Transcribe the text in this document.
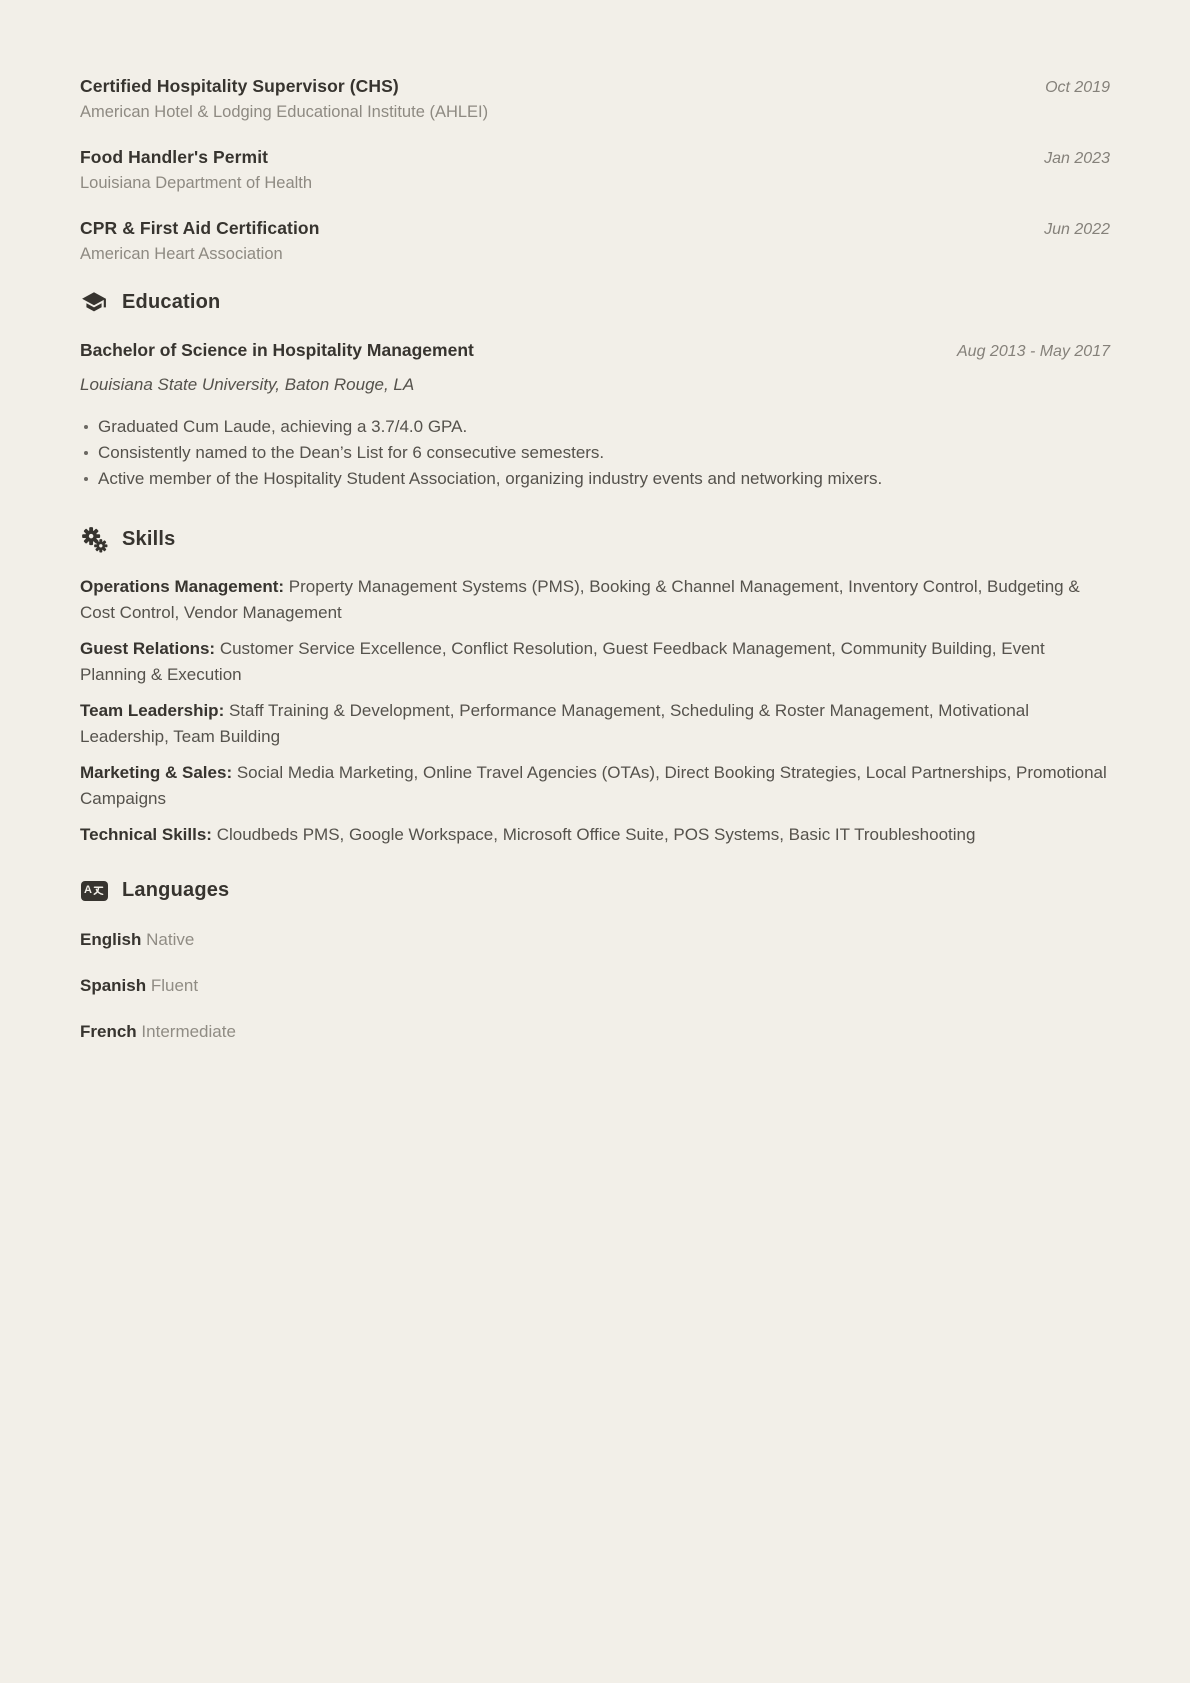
Certified Hospitality Supervisor (CHS)	Oct 2019
American Hotel & Lodging Educational Institute (AHLEI)
Food Handler's Permit	Jan 2023
Louisiana Department of Health
CPR & First Aid Certification	Jun 2022
American Heart Association
Education
Bachelor of Science in Hospitality Management	Aug 2013 - May 2017
Louisiana State University, Baton Rouge, LA
Graduated Cum Laude, achieving a 3.7/4.0 GPA.
Consistently named to the Dean’s List for 6 consecutive semesters.
Active member of the Hospitality Student Association, organizing industry events and networking mixers.
Skills

Operations Management: Property Management Systems (PMS), Booking & Channel Management, Inventory Control, Budgeting & Cost Control, Vendor Management

Guest Relations: Customer Service Excellence, Conflict Resolution, Guest Feedback Management, Community Building, Event Planning & Execution

Team Leadership: Staff Training & Development, Performance Management, Scheduling & Roster Management, Motivational Leadership, Team Building

Marketing & Sales: Social Media Marketing, Online Travel Agencies (OTAs), Direct Booking Strategies, Local Partnerships, Promotional Campaigns

Technical Skills: Cloudbeds PMS, Google Workspace, Microsoft Office Suite, POS Systems, Basic IT Troubleshooting

A Languages
English Native
Spanish Fluent
French Intermediate
